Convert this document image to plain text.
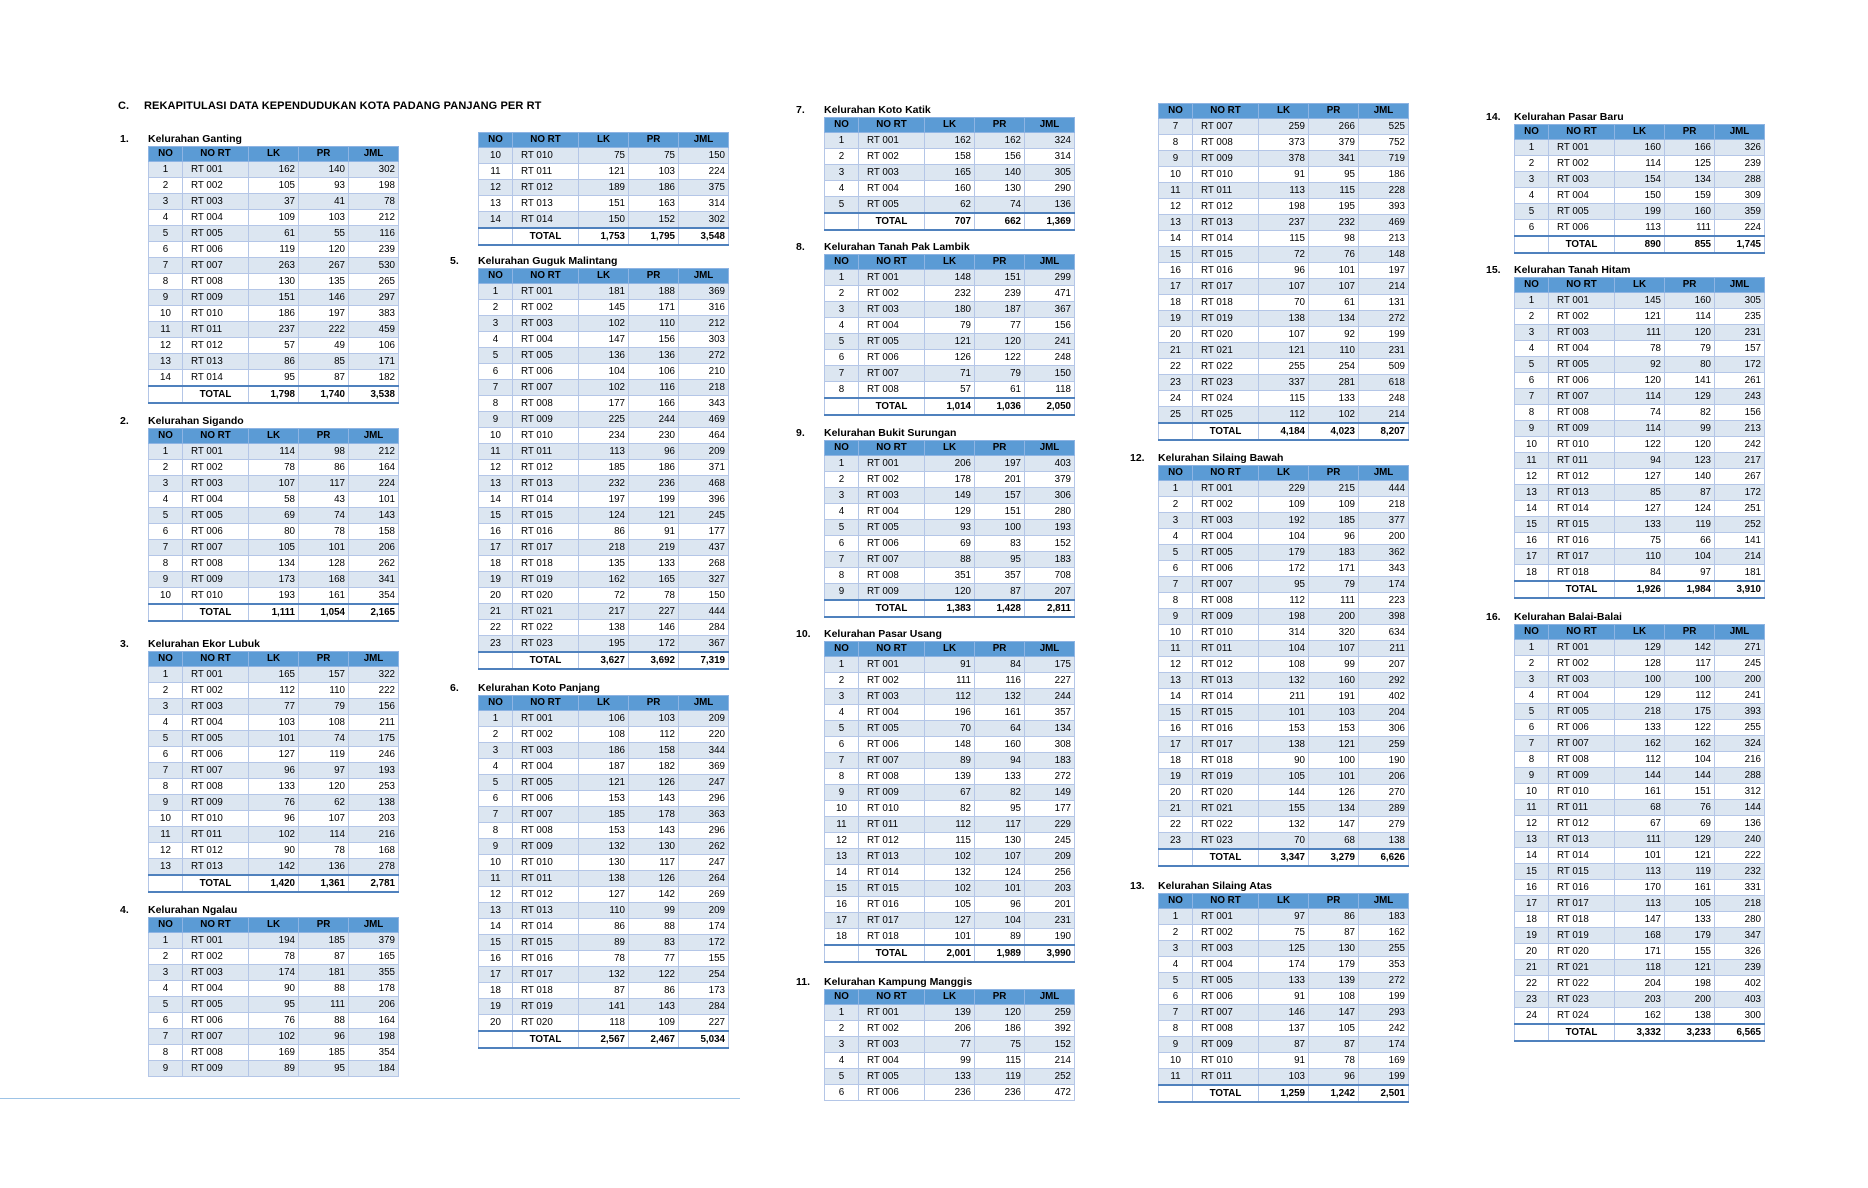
C. REKAPITULASI DATA KEPENDUDUKAN KOTA PADANG PANJANG PER RT
1. Kelurahan Ganting
NO	NO RT	LK	PR	JML
1	RT 001	162	140	302
2	RT 002	105	93	198
3	RT 003	37	41	78
4	RT 004	109	103	212
5	RT 005	61	55	116
6	RT 006	119	120	239
7	RT 007	263	267	530
8	RT 008	130	135	265
9	RT 009	151	146	297
10	RT 010	186	197	383
11	RT 011	237	222	459
12	RT 012	57	49	106
13	RT 013	86	85	171
14	RT 014	95	87	182
	TOTAL	1,798	1,740	3,538
2. Kelurahan Sigando
NO	NO RT	LK	PR	JML
1	RT 001	114	98	212
2	RT 002	78	86	164
3	RT 003	107	117	224
4	RT 004	58	43	101
5	RT 005	69	74	143
6	RT 006	80	78	158
7	RT 007	105	101	206
8	RT 008	134	128	262
9	RT 009	173	168	341
10	RT 010	193	161	354
	TOTAL	1,111	1,054	2,165
3. Kelurahan Ekor Lubuk
NO	NO RT	LK	PR	JML
1	RT 001	165	157	322
2	RT 002	112	110	222
3	RT 003	77	79	156
4	RT 004	103	108	211
5	RT 005	101	74	175
6	RT 006	127	119	246
7	RT 007	96	97	193
8	RT 008	133	120	253
9	RT 009	76	62	138
10	RT 010	96	107	203
11	RT 011	102	114	216
12	RT 012	90	78	168
13	RT 013	142	136	278
	TOTAL	1,420	1,361	2,781
4. Kelurahan Ngalau
NO	NO RT	LK	PR	JML
1	RT 001	194	185	379
2	RT 002	78	87	165
3	RT 003	174	181	355
4	RT 004	90	88	178
5	RT 005	95	111	206
6	RT 006	76	88	164
7	RT 007	102	96	198
8	RT 008	169	185	354
9	RT 009	89	95	184
NO	NO RT	LK	PR	JML
10	RT 010	75	75	150
11	RT 011	121	103	224
12	RT 012	189	186	375
13	RT 013	151	163	314
14	RT 014	150	152	302
	TOTAL	1,753	1,795	3,548
5. Kelurahan Guguk Malintang
NO	NO RT	LK	PR	JML
1	RT 001	181	188	369
2	RT 002	145	171	316
3	RT 003	102	110	212
4	RT 004	147	156	303
5	RT 005	136	136	272
6	RT 006	104	106	210
7	RT 007	102	116	218
8	RT 008	177	166	343
9	RT 009	225	244	469
10	RT 010	234	230	464
11	RT 011	113	96	209
12	RT 012	185	186	371
13	RT 013	232	236	468
14	RT 014	197	199	396
15	RT 015	124	121	245
16	RT 016	86	91	177
17	RT 017	218	219	437
18	RT 018	135	133	268
19	RT 019	162	165	327
20	RT 020	72	78	150
21	RT 021	217	227	444
22	RT 022	138	146	284
23	RT 023	195	172	367
	TOTAL	3,627	3,692	7,319
6. Kelurahan Koto Panjang
NO	NO RT	LK	PR	JML
1	RT 001	106	103	209
2	RT 002	108	112	220
3	RT 003	186	158	344
4	RT 004	187	182	369
5	RT 005	121	126	247
6	RT 006	153	143	296
7	RT 007	185	178	363
8	RT 008	153	143	296
9	RT 009	132	130	262
10	RT 010	130	117	247
11	RT 011	138	126	264
12	RT 012	127	142	269
13	RT 013	110	99	209
14	RT 014	86	88	174
15	RT 015	89	83	172
16	RT 016	78	77	155
17	RT 017	132	122	254
18	RT 018	87	86	173
19	RT 019	141	143	284
20	RT 020	118	109	227
	TOTAL	2,567	2,467	5,034
7. Kelurahan Koto Katik
NO	NO RT	LK	PR	JML
1	RT 001	162	162	324
2	RT 002	158	156	314
3	RT 003	165	140	305
4	RT 004	160	130	290
5	RT 005	62	74	136
	TOTAL	707	662	1,369
8. Kelurahan Tanah Pak Lambik
NO	NO RT	LK	PR	JML
1	RT 001	148	151	299
2	RT 002	232	239	471
3	RT 003	180	187	367
4	RT 004	79	77	156
5	RT 005	121	120	241
6	RT 006	126	122	248
7	RT 007	71	79	150
8	RT 008	57	61	118
	TOTAL	1,014	1,036	2,050
9. Kelurahan Bukit Surungan
NO	NO RT	LK	PR	JML
1	RT 001	206	197	403
2	RT 002	178	201	379
3	RT 003	149	157	306
4	RT 004	129	151	280
5	RT 005	93	100	193
6	RT 006	69	83	152
7	RT 007	88	95	183
8	RT 008	351	357	708
9	RT 009	120	87	207
	TOTAL	1,383	1,428	2,811
10. Kelurahan Pasar Usang
NO	NO RT	LK	PR	JML
1	RT 001	91	84	175
2	RT 002	111	116	227
3	RT 003	112	132	244
4	RT 004	196	161	357
5	RT 005	70	64	134
6	RT 006	148	160	308
7	RT 007	89	94	183
8	RT 008	139	133	272
9	RT 009	67	82	149
10	RT 010	82	95	177
11	RT 011	112	117	229
12	RT 012	115	130	245
13	RT 013	102	107	209
14	RT 014	132	124	256
15	RT 015	102	101	203
16	RT 016	105	96	201
17	RT 017	127	104	231
18	RT 018	101	89	190
	TOTAL	2,001	1,989	3,990
11. Kelurahan Kampung Manggis
NO	NO RT	LK	PR	JML
1	RT 001	139	120	259
2	RT 002	206	186	392
3	RT 003	77	75	152
4	RT 004	99	115	214
5	RT 005	133	119	252
6	RT 006	236	236	472
NO	NO RT	LK	PR	JML
7	RT 007	259	266	525
8	RT 008	373	379	752
9	RT 009	378	341	719
10	RT 010	91	95	186
11	RT 011	113	115	228
12	RT 012	198	195	393
13	RT 013	237	232	469
14	RT 014	115	98	213
15	RT 015	72	76	148
16	RT 016	96	101	197
17	RT 017	107	107	214
18	RT 018	70	61	131
19	RT 019	138	134	272
20	RT 020	107	92	199
21	RT 021	121	110	231
22	RT 022	255	254	509
23	RT 023	337	281	618
24	RT 024	115	133	248
25	RT 025	112	102	214
	TOTAL	4,184	4,023	8,207
12. Kelurahan Silaing Bawah
NO	NO RT	LK	PR	JML
1	RT 001	229	215	444
2	RT 002	109	109	218
3	RT 003	192	185	377
4	RT 004	104	96	200
5	RT 005	179	183	362
6	RT 006	172	171	343
7	RT 007	95	79	174
8	RT 008	112	111	223
9	RT 009	198	200	398
10	RT 010	314	320	634
11	RT 011	104	107	211
12	RT 012	108	99	207
13	RT 013	132	160	292
14	RT 014	211	191	402
15	RT 015	101	103	204
16	RT 016	153	153	306
17	RT 017	138	121	259
18	RT 018	90	100	190
19	RT 019	105	101	206
20	RT 020	144	126	270
21	RT 021	155	134	289
22	RT 022	132	147	279
23	RT 023	70	68	138
	TOTAL	3,347	3,279	6,626
13. Kelurahan Silaing Atas
NO	NO RT	LK	PR	JML
1	RT 001	97	86	183
2	RT 002	75	87	162
3	RT 003	125	130	255
4	RT 004	174	179	353
5	RT 005	133	139	272
6	RT 006	91	108	199
7	RT 007	146	147	293
8	RT 008	137	105	242
9	RT 009	87	87	174
10	RT 010	91	78	169
11	RT 011	103	96	199
	TOTAL	1,259	1,242	2,501
14. Kelurahan Pasar Baru
NO	NO RT	LK	PR	JML
1	RT 001	160	166	326
2	RT 002	114	125	239
3	RT 003	154	134	288
4	RT 004	150	159	309
5	RT 005	199	160	359
6	RT 006	113	111	224
	TOTAL	890	855	1,745
15. Kelurahan Tanah Hitam
NO	NO RT	LK	PR	JML
1	RT 001	145	160	305
2	RT 002	121	114	235
3	RT 003	111	120	231
4	RT 004	78	79	157
5	RT 005	92	80	172
6	RT 006	120	141	261
7	RT 007	114	129	243
8	RT 008	74	82	156
9	RT 009	114	99	213
10	RT 010	122	120	242
11	RT 011	94	123	217
12	RT 012	127	140	267
13	RT 013	85	87	172
14	RT 014	127	124	251
15	RT 015	133	119	252
16	RT 016	75	66	141
17	RT 017	110	104	214
18	RT 018	84	97	181
	TOTAL	1,926	1,984	3,910
16. Kelurahan Balai-Balai
NO	NO RT	LK	PR	JML
1	RT 001	129	142	271
2	RT 002	128	117	245
3	RT 003	100	100	200
4	RT 004	129	112	241
5	RT 005	218	175	393
6	RT 006	133	122	255
7	RT 007	162	162	324
8	RT 008	112	104	216
9	RT 009	144	144	288
10	RT 010	161	151	312
11	RT 011	68	76	144
12	RT 012	67	69	136
13	RT 013	111	129	240
14	RT 014	101	121	222
15	RT 015	113	119	232
16	RT 016	170	161	331
17	RT 017	113	105	218
18	RT 018	147	133	280
19	RT 019	168	179	347
20	RT 020	171	155	326
21	RT 021	118	121	239
22	RT 022	204	198	402
23	RT 023	203	200	403
24	RT 024	162	138	300
	TOTAL	3,332	3,233	6,565
